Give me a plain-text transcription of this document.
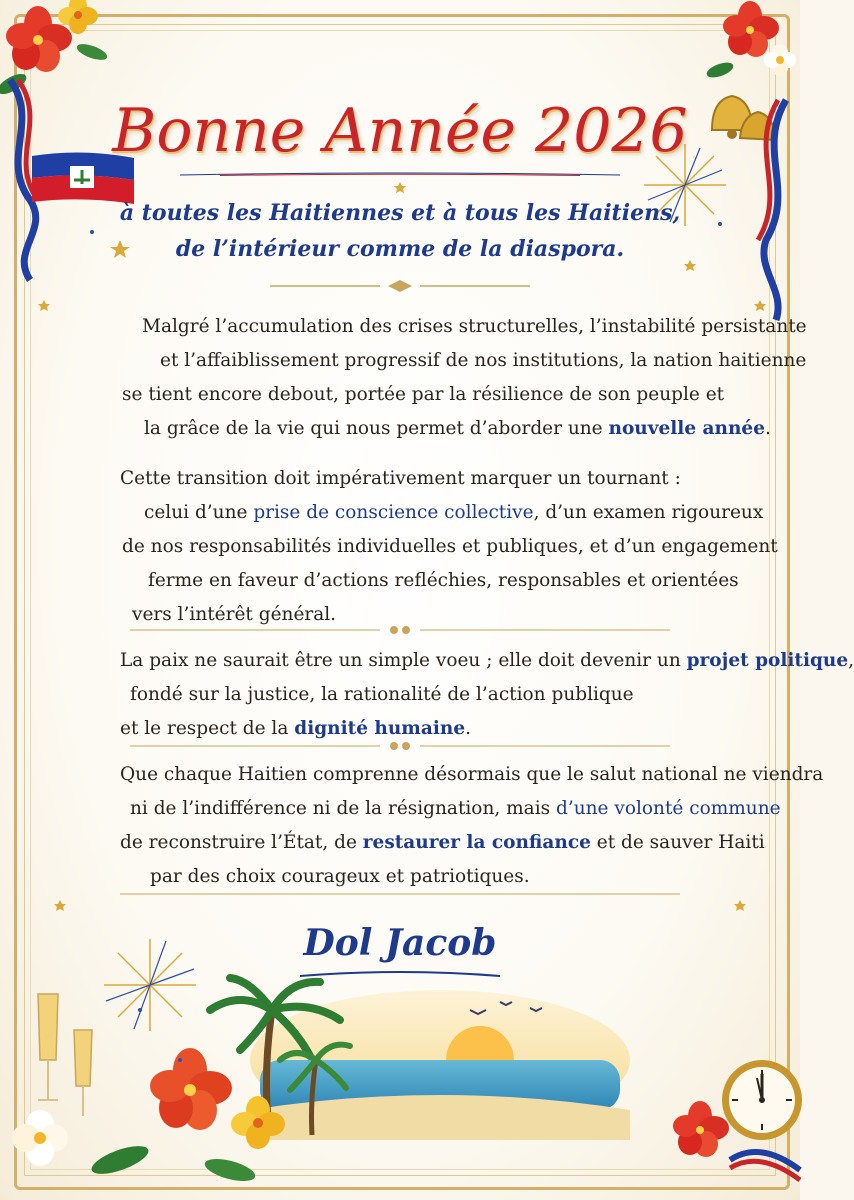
Bonne Année 2026
à toutes les Haitiennes et à tous les Haitiens,
de l’intérieur comme de la diaspora.
Malgré l’accumulation des crises structurelles, l’instabilité persistante
et l’affaiblissement progressif de nos institutions, la nation haitienne
se tient encore debout, portée par la résilience de son peuple et
la grâce de la vie qui nous permet d’aborder une nouvelle année.
Cette transition doit impérativement marquer un tournant :
celui d’une prise de conscience collective, d’un examen rigoureux
de nos responsabilités individuelles et publiques, et d’un engagement
ferme en faveur d’actions refléchies, responsables et orientées
vers l’intérêt général.
La paix ne saurait être un simple voeu ; elle doit devenir un projet politique,
fondé sur la justice, la rationalité de l’action publique
et le respect de la dignité humaine.
Que chaque Haitien comprenne désormais que le salut national ne viendra
ni de l’indifférence ni de la résignation, mais d’une volonté commune
de reconstruire l’État, de restaurer la confiance et de sauver Haiti
par des choix courageux et patriotiques.
Dol Jacob
